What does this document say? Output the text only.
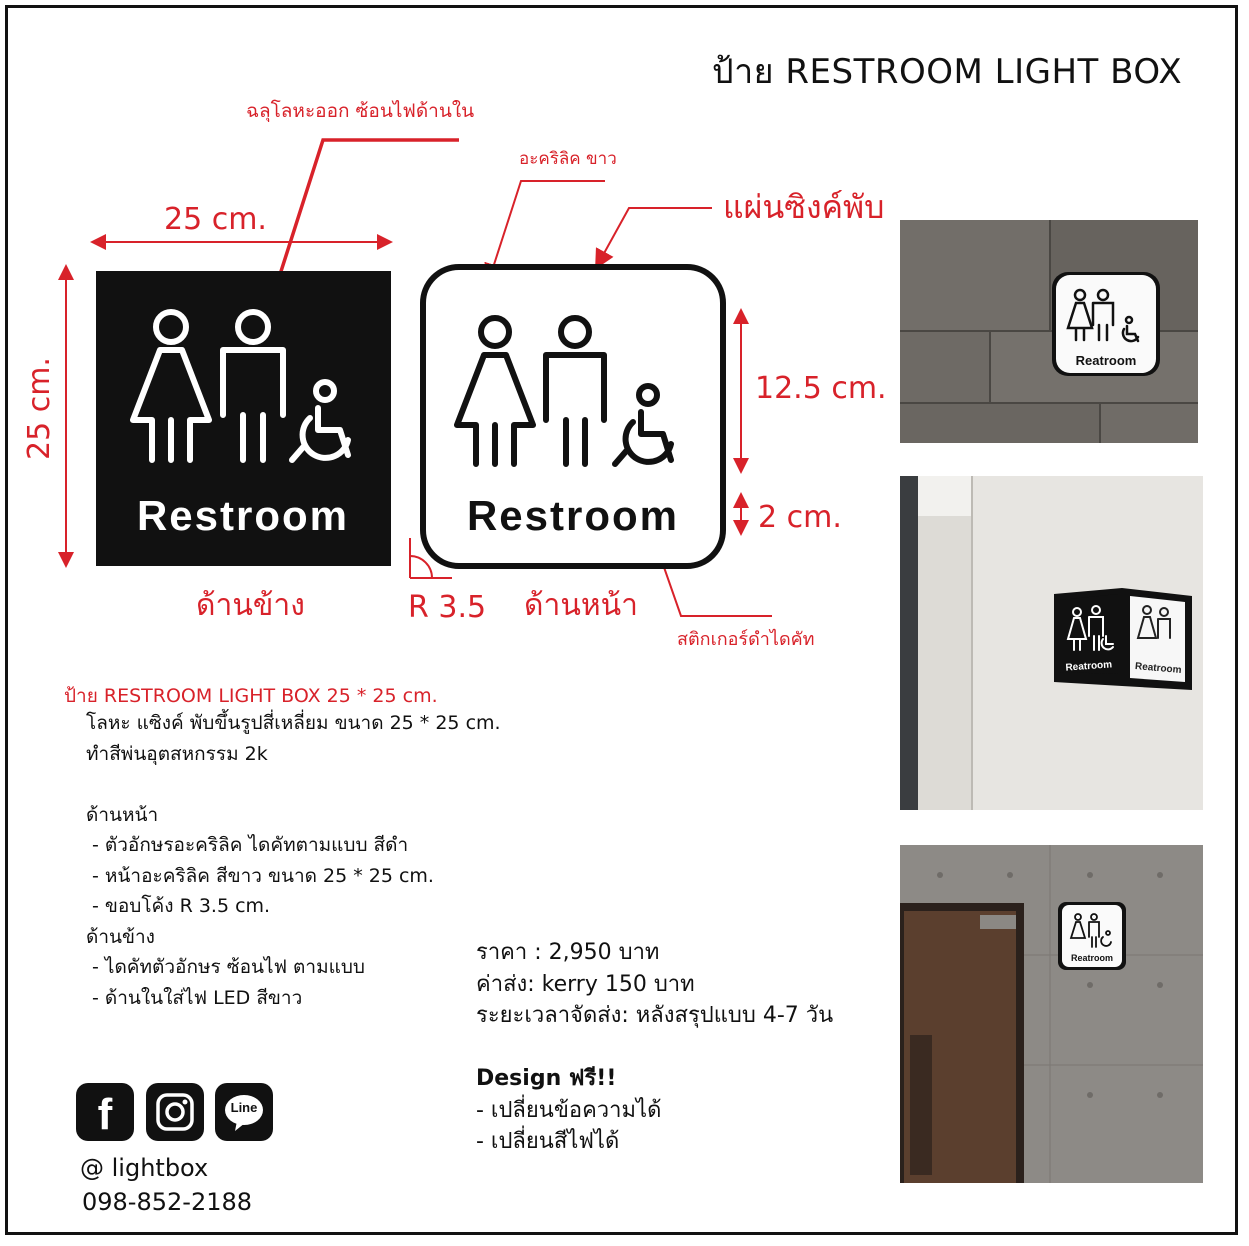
ป้าย RESTROOM LIGHT BOX
ฉลุโลหะออก ซ้อนไฟด้านใน
อะคริลิค ขาว
แผ่นซิงค์พับ
สติกเกอร์ดำไดคัท
25 cm.
25 cm.	12.5 cm.
2 cm.
R 3.5
ด้านข้าง	ด้านหน้า
Restroom	Restroom
Reatroom
Reatroom Reatroom
Reatroom
ป้าย RESTROOM LIGHT BOX 25 * 25 cm.
โลหะ แซิงค์ พับขึ้นรูปสี่เหลี่ยม ขนาด 25 * 25 cm.
ทำสีพ่นอุตสหกรรม 2k
ด้านหน้า
- ตัวอักษรอะคริลิค ไดคัทตามแบบ สีดำ
- หน้าอะคริลิค สีขาว ขนาด 25 * 25 cm.
- ขอบโค้ง R 3.5 cm.
ด้านข้าง
- ไดคัทตัวอักษร ซ้อนไฟ ตามแบบ
- ด้านในใส่ไฟ LED สีขาว
ราคา : 2,950 บาท
ค่าส่ง: kerry 150 บาท
ระยะเวลาจัดส่ง: หลังสรุปแบบ 4-7 วัน
Design ฟรี!!
- เปลี่ยนข้อความได้
- เปลี่ยนสีไฟได้
f	Line
@ lightbox
098-852-2188
